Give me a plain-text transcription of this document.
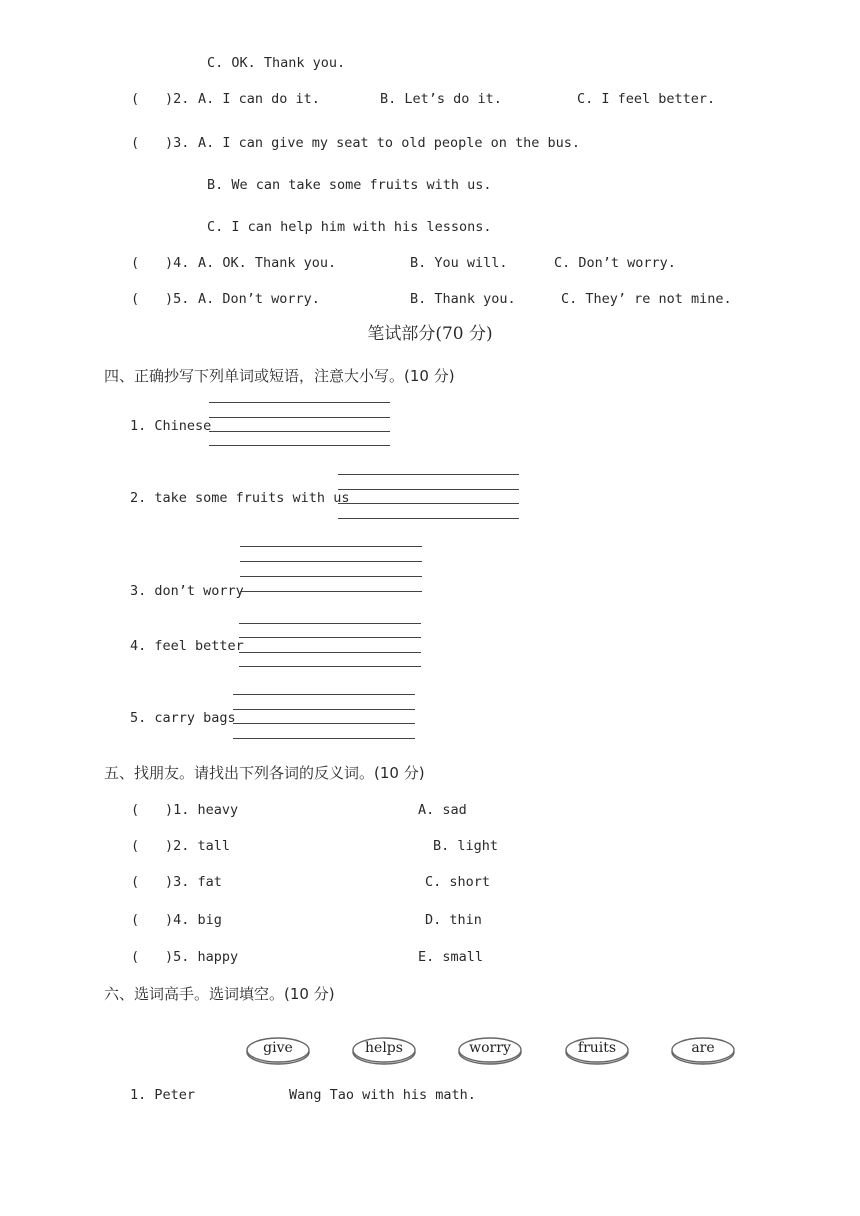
C. OK. Thank you.
( )2. A. I can do it.	B. Let’s do it.	C. I feel better.
( )3. A. I can give my seat to old people on the bus.
B. We can take some fruits with us.
C. I can help him with his lessons.
( )4. A. OK. Thank you.	B. You will.	C. Don’t worry.
( )5. A. Don’t worry.	B. Thank you.	C. They’ re not mine.
笔试部分(70 分)
四、正确抄写下列单词或短语，注意大小写。(10 分)
1. Chinese
2. take some fruits with us
3. don’t worry
4. feel better
5. carry bags
五、找朋友。请找出下列各词的反义词。(10 分)
( )1. heavy	A. sad
( )2. tall	B. light
( )3. fat	C. short
( )4. big	D. thin
( )5. happy	E. small
六、选词高手。选词填空。(10 分)
give	helps	worry	fruits	are
1. Peter	Wang Tao with his math.
